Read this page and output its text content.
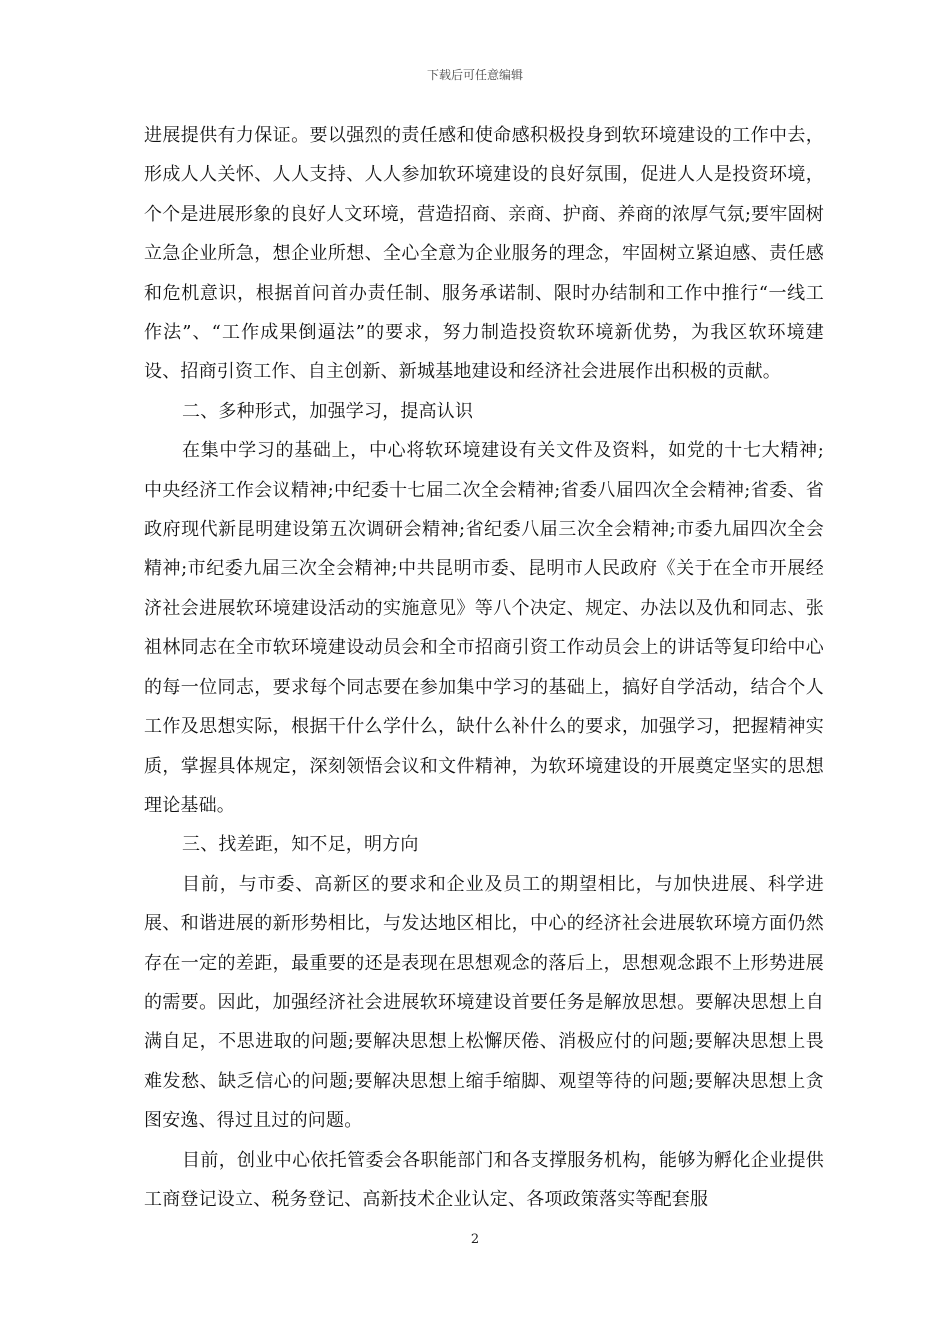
下载后可任意编辑

进展提供有力保证。要以强烈的责任感和使命感积极投身到软环境建设的工作中去，形成人人关怀、人人支持、人人参加软环境建设的良好氛围，促进人人是投资环境，个个是进展形象的良好人文环境，营造招商、亲商、护商、养商的浓厚气氛;要牢固树立急企业所急，想企业所想、全心全意为企业服务的理念，牢固树立紧迫感、责任感和危机意识，根据首问首办责任制、服务承诺制、限时办结制和工作中推行“一线工作法”、“工作成果倒逼法”的要求，努力制造投资软环境新优势，为我区软环境建设、招商引资工作、自主创新、新城基地建设和经济社会进展作出积极的贡献。

二、多种形式，加强学习，提高认识

在集中学习的基础上，中心将软环境建设有关文件及资料，如党的十七大精神;中央经济工作会议精神;中纪委十七届二次全会精神;省委八届四次全会精神;省委、省政府现代新昆明建设第五次调研会精神;省纪委八届三次全会精神;市委九届四次全会精神;市纪委九届三次全会精神;中共昆明市委、昆明市人民政府《关于在全市开展经济社会进展软环境建设活动的实施意见》等八个决定、规定、办法以及仇和同志、张祖林同志在全市软环境建设动员会和全市招商引资工作动员会上的讲话等复印给中心的每一位同志，要求每个同志要在参加集中学习的基础上，搞好自学活动，结合个人工作及思想实际，根据干什么学什么，缺什么补什么的要求，加强学习，把握精神实质，掌握具体规定，深刻领悟会议和文件精神，为软环境建设的开展奠定坚实的思想理论基础。

三、找差距，知不足，明方向

目前，与市委、高新区的要求和企业及员工的期望相比，与加快进展、科学进展、和谐进展的新形势相比，与发达地区相比，中心的经济社会进展软环境方面仍然存在一定的差距，最重要的还是表现在思想观念的落后上，思想观念跟不上形势进展的需要。因此，加强经济社会进展软环境建设首要任务是解放思想。要解决思想上自满自足，不思进取的问题;要解决思想上松懈厌倦、消极应付的问题;要解决思想上畏难发愁、缺乏信心的问题;要解决思想上缩手缩脚、观望等待的问题;要解决思想上贪图安逸、得过且过的问题。

目前，创业中心依托管委会各职能部门和各支撑服务机构，能够为孵化企业提供工商登记设立、税务登记、高新技术企业认定、各项政策落实等配套服

2
